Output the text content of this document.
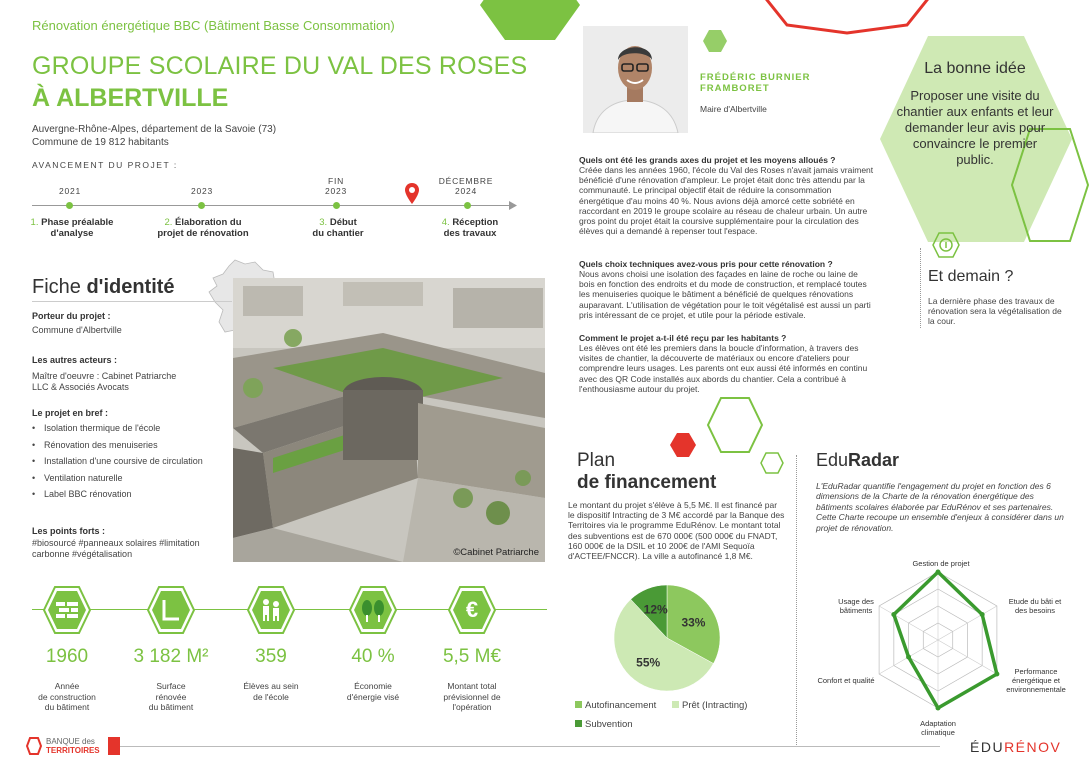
Rénovation énergétique BBC (Bâtiment Basse Consommation)
GROUPE SCOLAIRE DU VAL DES ROSES
À ALBERTVILLE
Auvergne-Rhône-Alpes, département de la Savoie (73)
Commune de 19 812 habitants
AVANCEMENT DU PROJET :
2021
1. Phase préalable
d'analyse
2023
2. Élaboration du
projet de rénovation
FIN
2023
3. Début
du chantier
DÉCEMBRE
2024
4. Réception
des travaux
Fiche d'identité
Porteur du projet :
Commune d'Albertville
Les autres acteurs :
Maître d'oeuvre : Cabinet Patriarche
LLC & Associés Avocats
Le projet en bref :
• Isolation thermique de l'école
• Rénovation des menuiseries
• Installation d'une coursive de circulation
• Ventilation naturelle
• Label BBC rénovation
Les points forts :
#biosourcé #panneaux solaires #limitation
carbonne #végétalisation	©Cabinet Patriarche
€
1960	3 182 M²	359	40 %	5,5 M€
Année
de construction
du bâtiment
Surface
rénovée
du bâtiment
Élèves au sein
de l'école
Économie
d'énergie visé
Montant total
prévisionnel de
l'opération
BANQUE des
TERRITOIRES	ÉDURÉNOV
FRÉDÉRIC BURNIER
FRAMBORET
Maire d'Albertville
Quels ont été les grands axes du projet et les moyens alloués ?
Créée dans les années 1960, l'école du Val des Roses n'avait jamais vraiment bénéficié d'une rénovation d'ampleur. Le projet était donc très attendu par la communauté. Le principal objectif était de réduire la consommation énergétique d'au moins 40 %. Nous avions déjà amorcé cette sobriété en raccordant en 2019 le groupe scolaire au réseau de chaleur urbain. Un autre gros point du projet était la coursive supplémentaire pour la circulation des élèves qui a demandé à repenser tout l'espace.
Quels choix techniques avez-vous pris pour cette rénovation ?
Nous avons choisi une isolation des façades en laine de roche ou laine de bois en fonction des endroits et du mode de construction, et remplacé toutes les menuiseries quoique le bâtiment a bénéficié de quelques rénovations auparavant. L'utilisation de végétation pour le toit végétalisé est aussi un parti pris intéressant de ce projet, et utile pour la période estivale.
Comment le projet a-t-il été reçu par les habitants ?
Les élèves ont été les premiers dans la boucle d'information, à travers des visites de chantier, la découverte de matériaux ou encore d'ateliers pour comprendre leurs usages. Les parents ont eux aussi été informés en continu avec des QR Code installés aux abords du chantier. Cela a contribué à l'enthousiasme autour du projet.
La bonne idée
Proposer une visite du chantier aux enfants et leur demander leur avis pour convaincre le premier public.
Et demain ?
La dernière phase des travaux de rénovation sera la végétalisation de la cour.
Plan
de financement
Le montant du projet s'élève à 5,5 M€. Il est financé par le dispositif Intracting de 3 M€ accordé par la Banque des Territoires via le programme EduRénov. Le montant total des subventions est de 670 000€ (500 000€ du FNADT, 160 000€ de la DSIL et 10 200€ de l'AMI Sequoïa d'ACTEE/FNCCR). La ville a autofinancé 1,8 M€.
33%
55%
12%
Autofinancement	Prêt (Intracting)
Subvention
EduRadar
L'EduRadar quantifie l'engagement du projet en fonction des 6 dimensions de la Charte de la rénovation énergétique des bâtiments scolaires élaborée par EduRénov et ses partenaires. Cette Charte recoupe un ensemble d'enjeux à considérer dans un projet de rénovation.
Gestion de projet
Etude du bâti et
des besoins
Performance
énergétique et
environnementale
Adaptation
climatique
Confort et qualité
Usage des
bâtiments
